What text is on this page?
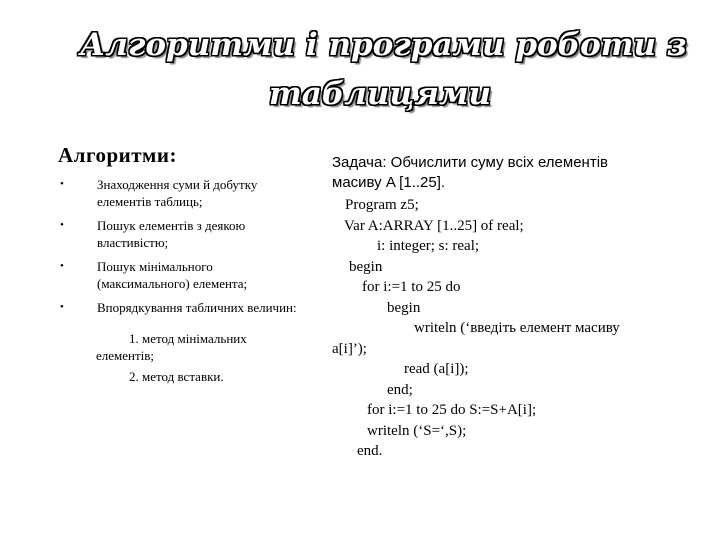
Алгоритми і програми роботи з
таблицями
Алгоритми:
•	Знаходження суми й добутку елементів таблиць;
•	Пошук елементів з деякою властивістю;
•	Пошук мінімального (максимального) елемента;
•	Впорядкування табличних величин:
1. метод мінімальних
елементів;
2. метод вставки.
Задача: Обчислити суму всіх елементів
масиву A [1..25].
Program z5;
Var A:ARRAY [1..25] of real;
i: integer; s: real;
begin
for i:=1 to 25 do
begin
writeln (‘введіть елемент масиву
a[i]’);
read (a[i]);
end;
for i:=1 to 25 do S:=S+A[i];
writeln (‘S=‘,S);
end.
